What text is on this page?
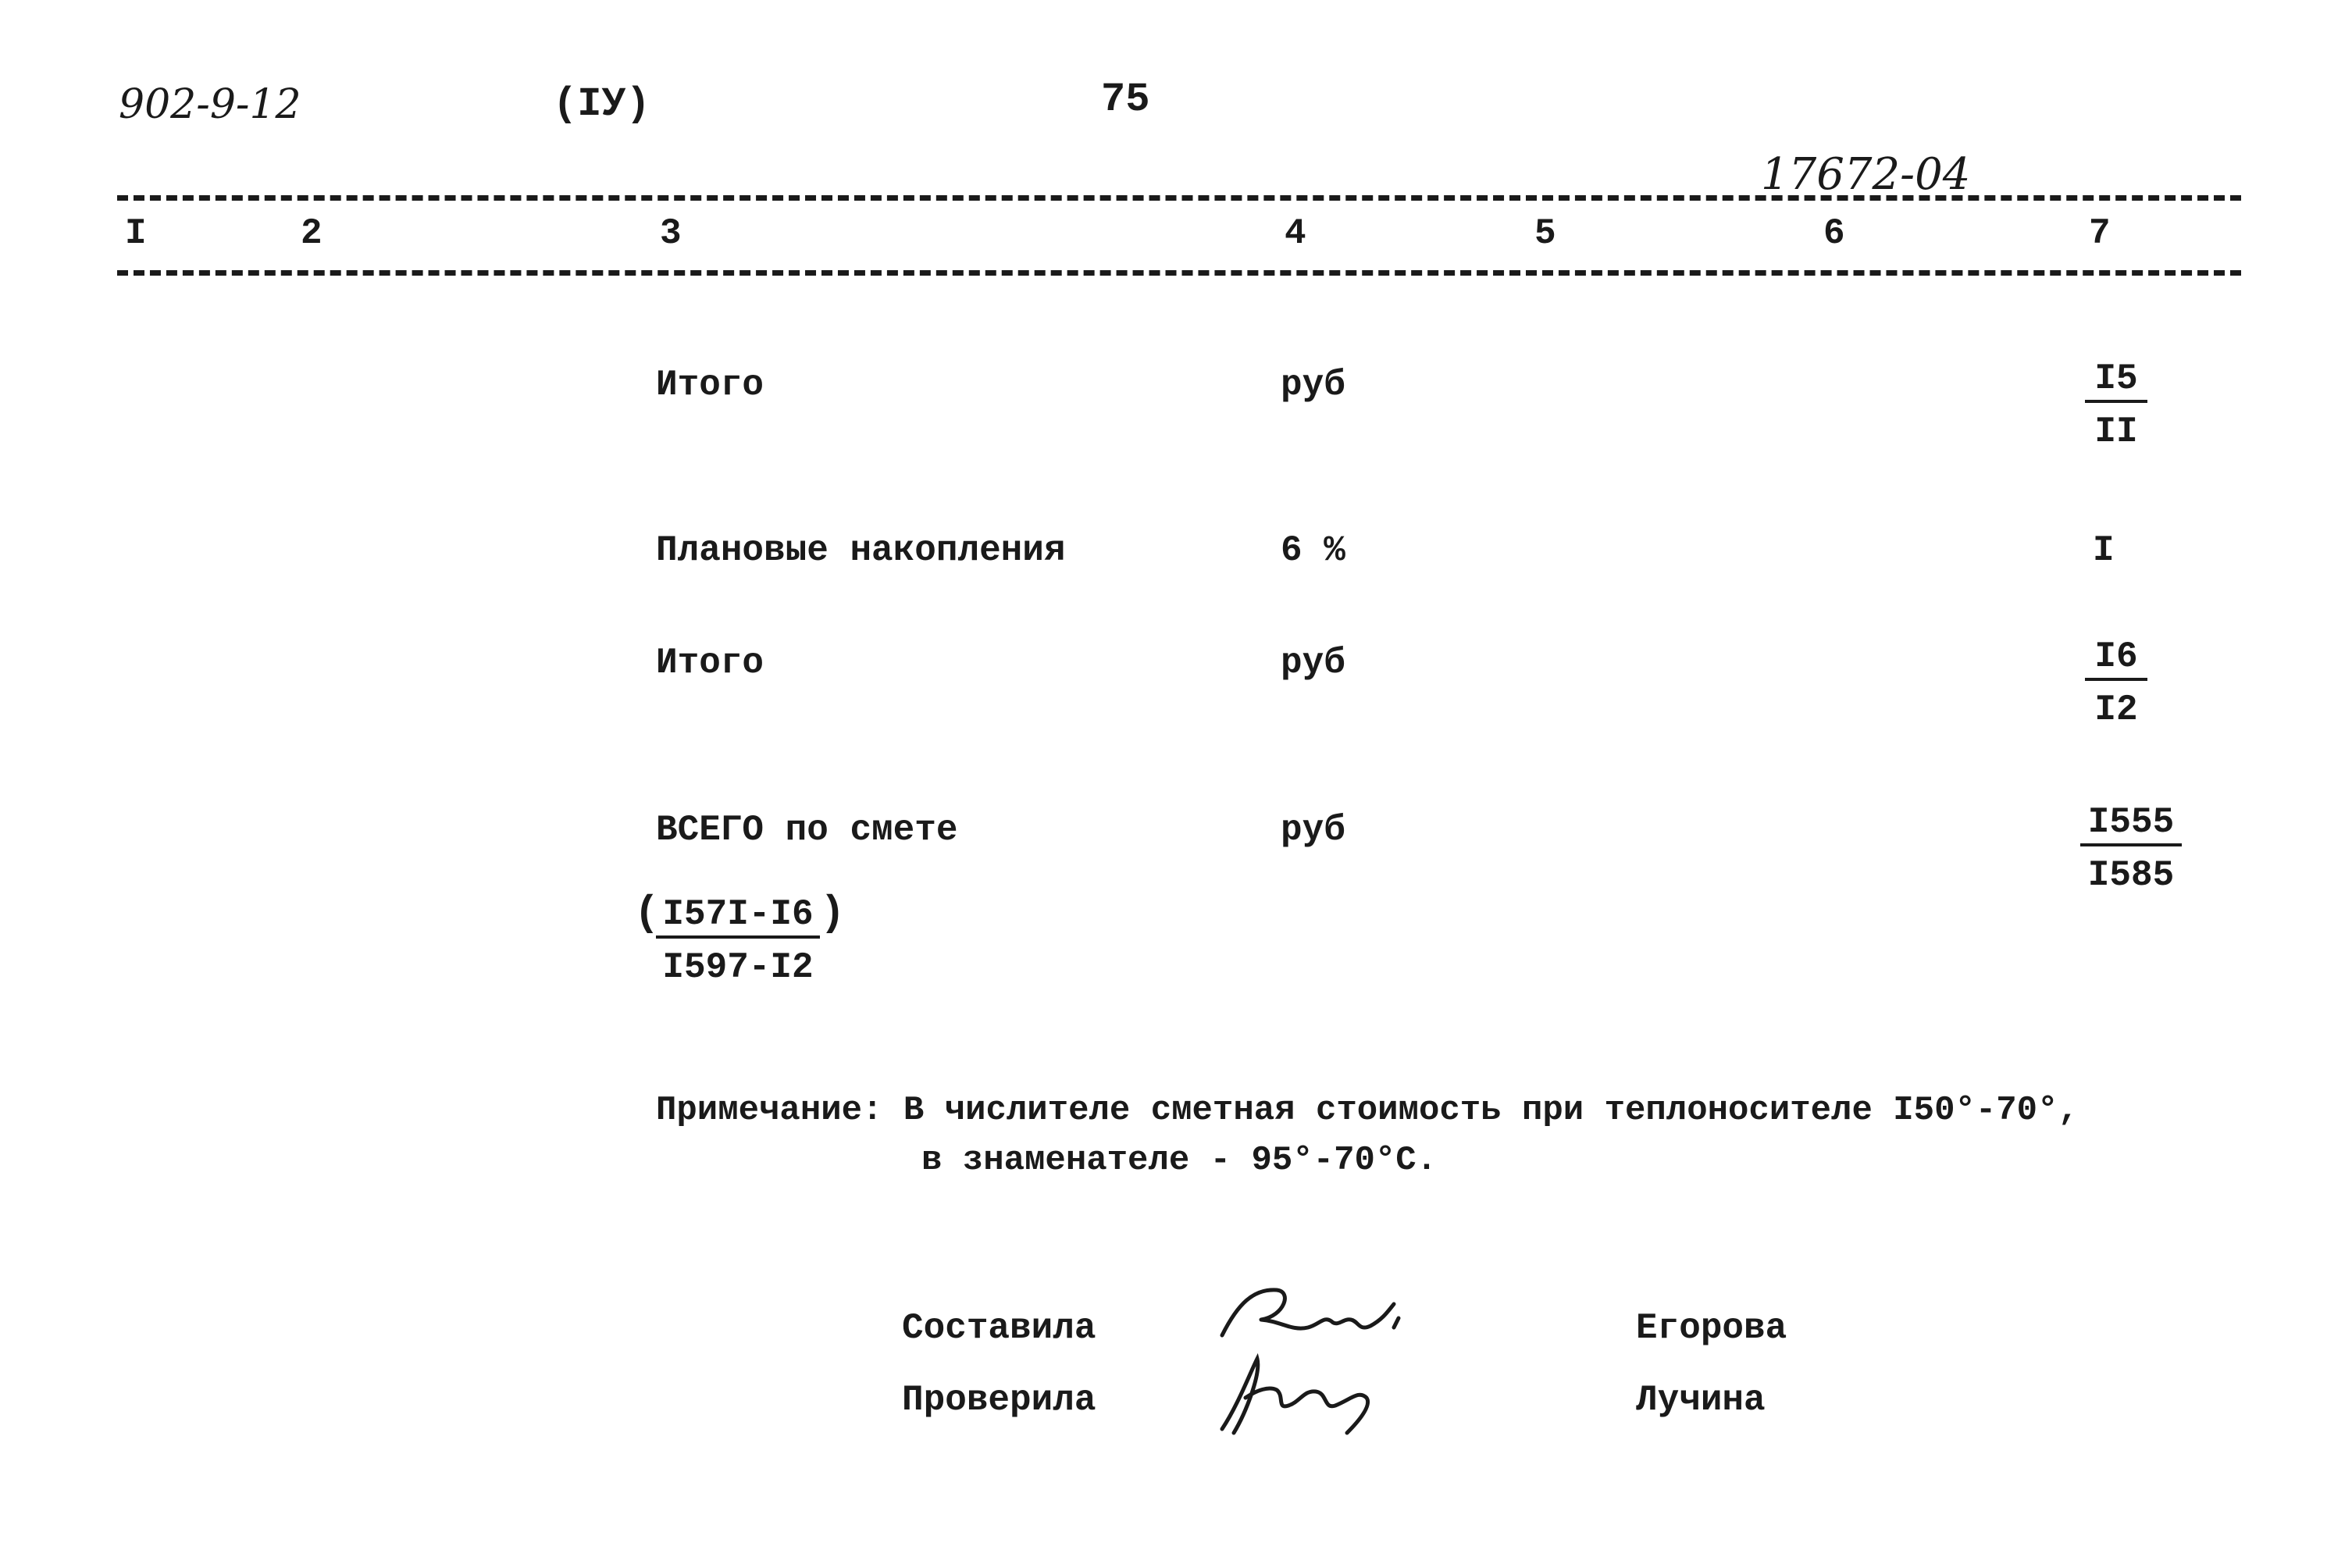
902-9-12	(IУ)	75
17672-04
I	2	3	4	5	6	7
Итого	руб	$\frac{I5}{II}$
Плановые накопления	6 %	I
Итого	руб	$\frac{I6}{I2}$
ВСЕГО по смете	руб	$\frac{I555}{I585}$
(
$\frac{I57I-I6}{I597-I2}$ )
Примечание: В числителе сметная стоимость при теплоносителе I50°-70°,
в знаменателе - 95°-70°C.
Составила	Егорова
Проверила	Лучина
